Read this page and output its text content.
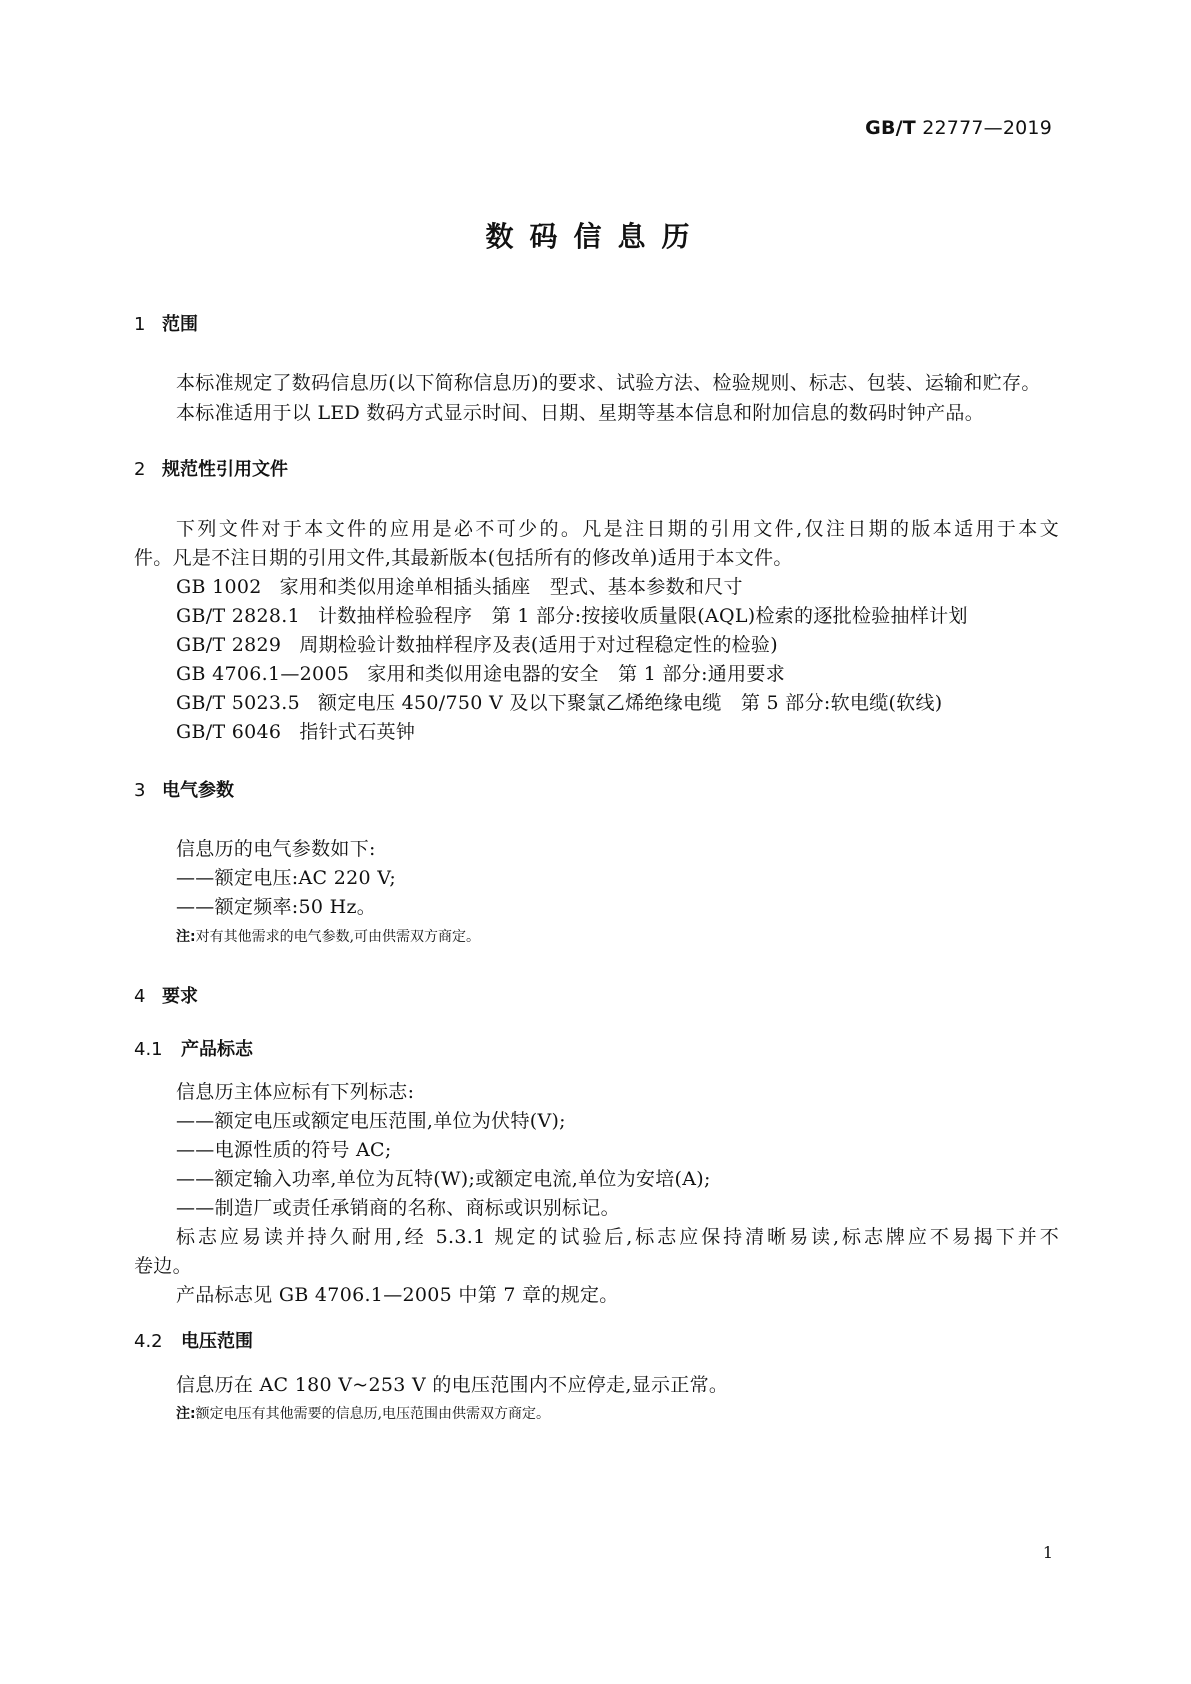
GB/T 22777—2019
数码信息历
1 范围
本标准规定了数码信息历(以下简称信息历)的要求、试验方法、检验规则、标志、包装、运输和贮存。
本标准适用于以 LED 数码方式显示时间、日期、星期等基本信息和附加信息的数码时钟产品。
2 规范性引用文件
下列文件对于本文件的应用是必不可少的。凡是注日期的引用文件,仅注日期的版本适用于本文
件。凡是不注日期的引用文件,其最新版本(包括所有的修改单)适用于本文件。
GB 1002 家用和类似用途单相插头插座　型式、基本参数和尺寸
GB/T 2828.1 计数抽样检验程序　第 1 部分:按接收质量限(AQL)检索的逐批检验抽样计划
GB/T 2829 周期检验计数抽样程序及表(适用于对过程稳定性的检验)
GB 4706.1—2005 家用和类似用途电器的安全　第 1 部分:通用要求
GB/T 5023.5 额定电压 450/750 V 及以下聚氯乙烯绝缘电缆　第 5 部分:软电缆(软线)
GB/T 6046 指针式石英钟
3 电气参数
信息历的电气参数如下:
——额定电压:AC 220 V;
——额定频率:50 Hz。
注:对有其他需求的电气参数,可由供需双方商定。
4 要求
4.1 产品标志
信息历主体应标有下列标志:
——额定电压或额定电压范围,单位为伏特(V);
——电源性质的符号 AC;
——额定输入功率,单位为瓦特(W);或额定电流,单位为安培(A);
——制造厂或责任承销商的名称、商标或识别标记。
标志应易读并持久耐用,经 5.3.1 规定的试验后,标志应保持清晰易读,标志牌应不易揭下并不
卷边。
产品标志见 GB 4706.1—2005 中第 7 章的规定。
4.2 电压范围
信息历在 AC 180 V~253 V 的电压范围内不应停走,显示正常。
注:额定电压有其他需要的信息历,电压范围由供需双方商定。
1
